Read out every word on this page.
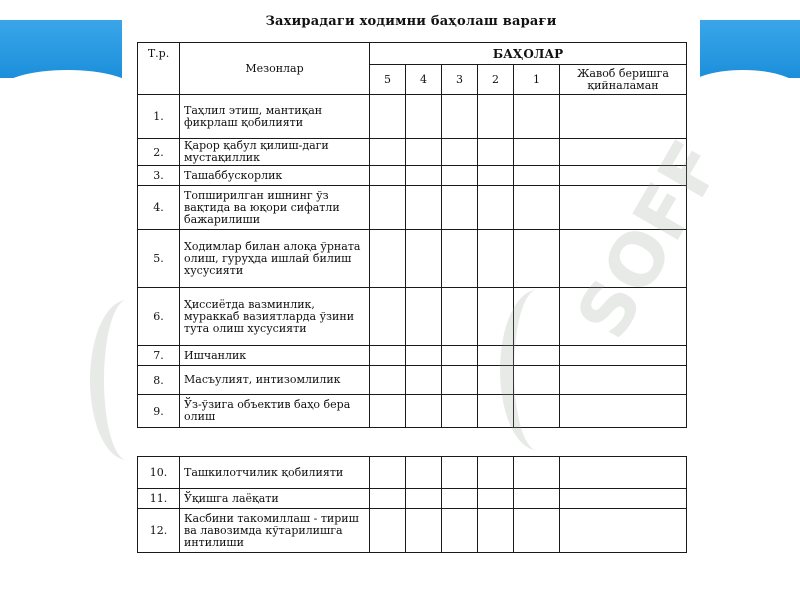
Захирадаги ходимни баҳолаш варағи
Т.р.	Мезонлар	БАҲОЛАР					
		5	4	3	2	1	Жавоб беришга қийналаман
1.	Таҳлил этиш, мантиқан фикрлаш қобилияти						
2.	Қарор қабул қилиш-даги мустақиллик						
3.	Ташаббускорлик						
4.	Топширилган ишнинг ўз вақтида ва юқори сифатли бажарилиши						
5.	Ходимлар билан алоқа ўрната олиш, гуруҳда ишлай билиш хусусияти						
6.	Ҳиссиётда вазминлик, мураккаб вазиятларда ўзини тута олиш хусусияти						
7.	Ишчанлик						
8.	Масъулият, интизомлилик						
9.	Ўз-ўзига объектив баҳо бера олиш						
10.	Ташкилотчилик қобилияти						
11.	Ўқишга лаёқати						
12.	Касбини такомиллаш - тириш ва лавозимда кўтарилишга интилиши						
SOFF
